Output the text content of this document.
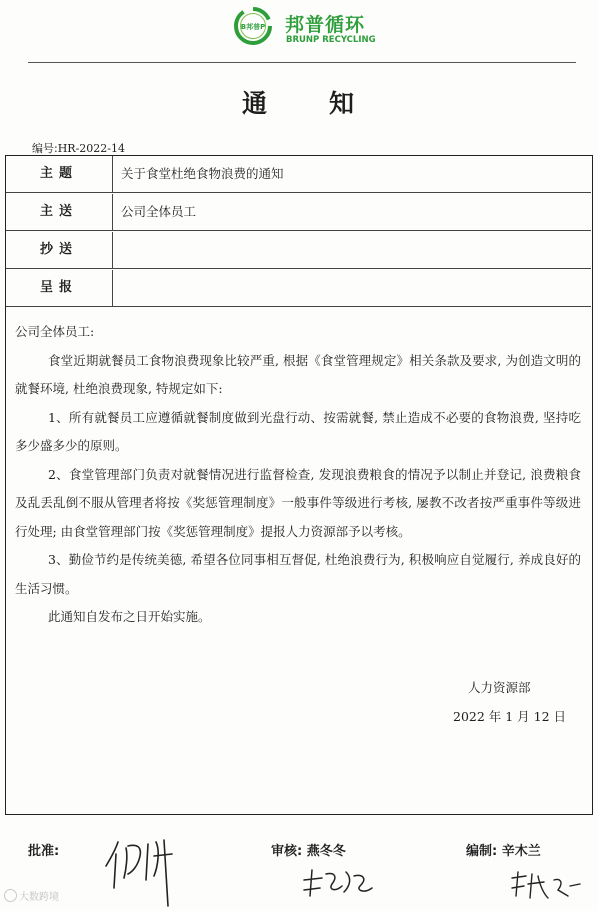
B邦普P 邦普循环
BRUNP RECYCLING
通 知
编号:HR-2022-14
主题	关于食堂杜绝食物浪费的通知
主送	公司全体员工
抄送
呈报

公司全体员工:

食堂近期就餐员工食物浪费现象比较严重, 根据《食堂管理规定》相关条款及要求, 为创造文明的就餐环境, 杜绝浪费现象, 特规定如下:

1、所有就餐员工应遵循就餐制度做到光盘行动、按需就餐, 禁止造成不必要的食物浪费, 坚持吃多少盛多少的原则。

2、食堂管理部门负责对就餐情况进行监督检查, 发现浪费粮食的情况予以制止并登记, 浪费粮食及乱丢乱倒不服从管理者将按《奖惩管理制度》一般事件等级进行考核, 屡教不改者按严重事件等级进行处理; 由食堂管理部门按《奖惩管理制度》提报人力资源部予以考核。

3、勤俭节约是传统美德, 希望各位同事相互督促, 杜绝浪费行为, 积极响应自觉履行, 养成良好的生活习惯。

此通知自发布之日开始实施。

人力资源部
2022 年 1 月 12 日
批准:	审核: 燕冬冬	编制: 辛木兰
大数跨境
